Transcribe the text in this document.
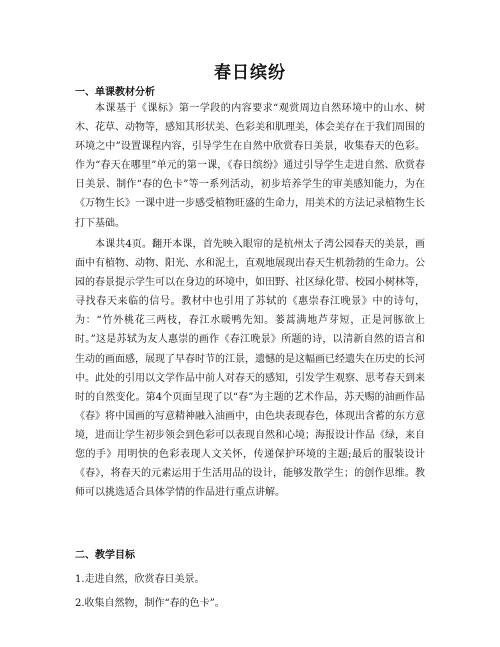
春日缤纷
一、单课教材分析

本课基于《课标》第一学段的内容要求“观赏周边自然环境中的山水、树木、花草、动物等，感知其形状美、色彩美和肌理美，体会美存在于我们周围的环境之中”设置课程内容，引导学生在自然中欣赏春日美景，收集春天的色彩。作为“春天在哪里”单元的第一课，《春日缤纷》通过引导学生走进自然、欣赏春日美景、制作“春的色卡”等一系列活动，初步培养学生的审美感知能力，为在《万物生长》一课中进一步感受植物旺盛的生命力，用美术的方法记录植物生长打下基础。

本课共4页。翻开本课，首先映入眼帘的是杭州太子湾公园春天的美景，画面中有植物、动物、阳光、水和泥土，直观地展现出春天生机勃勃的生命力。公园的春景提示学生可以在身边的环境中，如田野、社区绿化带、校园小树林等，寻找春天来临的信号。教材中也引用了苏轼的《惠崇春江晚景》中的诗句，为：“竹外桃花三两枝，春江水暖鸭先知。蒌蒿满地芦芽短，正是河豚欲上时。”这是苏轼为友人惠崇的画作《春江晚景》所题的诗，以清新自然的语言和生动的画面感，展现了早春时节的江景，遗憾的是这幅画已经遗失在历史的长河中。此处的引用以文学作品中前人对春天的感知，引发学生观察、思考春天到来时的自然变化。第4个页面呈现了以“春”为主题的艺术作品，苏天赐的油画作品《春》将中国画的写意精神融入油画中，由色块表现春色，体现出含蓄的东方意境，进而让学生初步领会到色彩可以表现自然和心境；海报设计作品《绿，来自您的手》用明快的色彩表现人文关怀，传递保护环境的主题;最后的服装设计《春》，将春天的元素运用于生活用品的设计，能够发散学生；的创作思维。教师可以挑选适合具体学情的作品进行重点讲解。

二、教学目标
1.走进自然，欣赏春日美景。
2.收集自然物，制作“春的色卡”。
